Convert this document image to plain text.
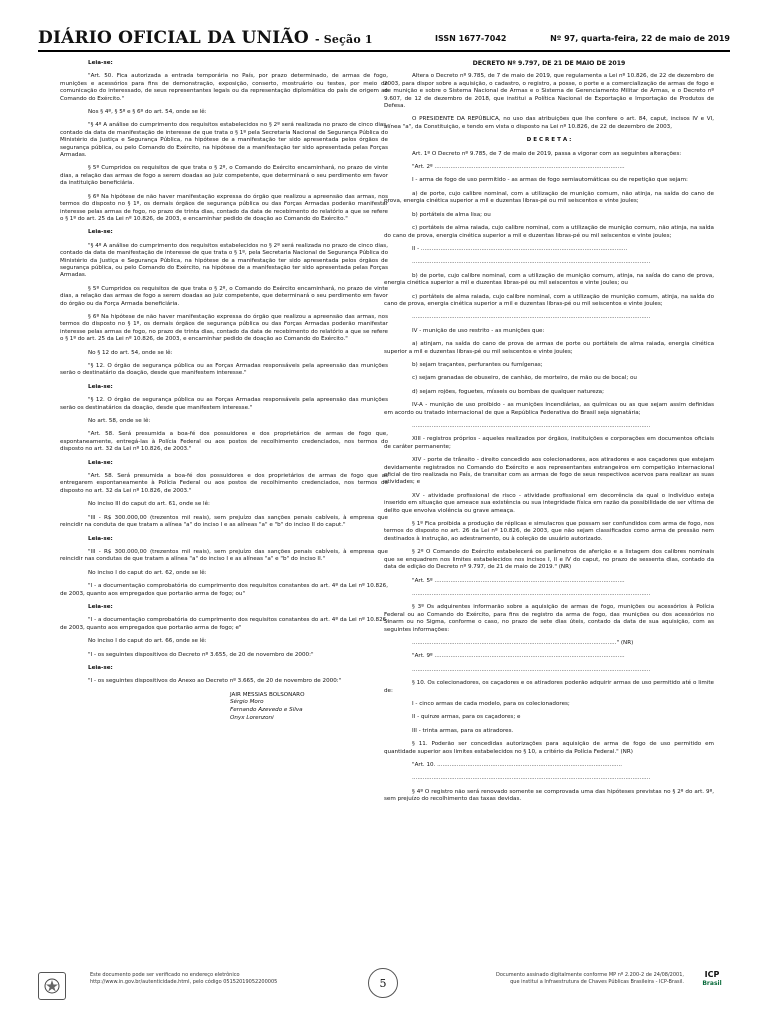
DIÁRIO OFICIAL DA UNIÃO - Seção 1	ISSN 1677-7042	Nº 97, quarta-feira, 22 de maio de 2019

Leia-se:

"Art. 50. Fica autorizada a entrada temporária no País, por prazo determinado, de armas de fogo, munições e acessórios para fins de demonstração, exposição, conserto, mostruário ou testes, por meio de comunicação do interessado, de seus representantes legais ou da representação diplomática do país de origem ao Comando do Exército."

Nos § 4º, § 5º e § 6º do art. 54, onde se lê:

"§ 4º A análise do cumprimento dos requisitos estabelecidos no § 2º será realizada no prazo de cinco dias, contado da data de manifestação de interesse de que trata o § 1º pela Secretaria Nacional de Segurança Pública do Ministério da Justiça e Segurança Pública, na hipótese de a manifestação ter sido apresentada pelos órgãos de segurança pública, ou pelo Comando do Exército, na hipótese de a manifestação ter sido apresentada pelas Forças Armadas.

§ 5º Cumpridos os requisitos de que trata o § 2º, o Comando do Exército encaminhará, no prazo de vinte dias, a relação das armas de fogo a serem doadas ao juiz competente, que determinará o seu perdimento em favor da instituição beneficiária.

§ 6º Na hipótese de não haver manifestação expressa do órgão que realizou a apreensão das armas, nos termos do disposto no § 1º, os demais órgãos de segurança pública ou das Forças Armadas poderão manifestar interesse pelas armas de fogo, no prazo de trinta dias, contado da data de recebimento do relatório a que se refere o § 1º do art. 25 da Lei nº 10.826, de 2003, e encaminhar pedido de doação ao Comando do Exército."

Leia-se:

"§ 4º A análise do cumprimento dos requisitos estabelecidos no § 2º será realizada no prazo de cinco dias, contado da data de manifestação de interesse de que trata o § 1º, pela Secretaria Nacional de Segurança Pública do Ministério da Justiça e Segurança Pública, na hipótese de a manifestação ter sido apresentada pelos órgãos de segurança pública, ou pelo Comando do Exército, na hipótese de a manifestação ter sido apresentada pelas Forças Armadas.

§ 5º Cumpridos os requisitos de que trata o § 2º, o Comando do Exército encaminhará, no prazo de vinte dias, a relação das armas de fogo a serem doadas ao juiz competente, que determinará o seu perdimento em favor do órgão ou da Força Armada beneficiária.

§ 6º Na hipótese de não haver manifestação expressa do órgão que realizou a apreensão das armas, nos termos do disposto no § 1º, os demais órgãos de segurança pública ou das Forças Armadas poderão manifestar interesse pelas armas de fogo, no prazo de trinta dias, contado da data de recebimento do relatório a que se refere o § 1º do art. 25 da Lei nº 10.826, de 2003, e encaminhar pedido de doação ao Comando do Exército."

No § 12 do art. 54, onde se lê:

"§ 12. O órgão de segurança pública ou as Forças Armadas responsáveis pela apreensão das munições serão o destinatário da doação, desde que manifestem interesse."

Leia-se:

"§ 12. O órgão de segurança pública ou as Forças Armadas responsáveis pela apreensão das munições serão os destinatários da doação, desde que manifestem interesse."

No art. 58, onde se lê:

"Art. 58. Será presumida a boa-fé dos possuidores e dos proprietários de armas de fogo que, espontaneamente, entregá-las à Polícia Federal ou aos postos de recolhimento credenciados, nos termos do disposto no art. 32 da Lei nº 10.826, de 2003."

Leia-se:

"Art. 58. Será presumida a boa-fé dos possuidores e dos proprietários de armas de fogo que as entregarem espontaneamente à Polícia Federal ou aos postos de recolhimento credenciados, nos termos do disposto no art. 32 da Lei nº 10.826, de 2003."

No inciso III do caput do art. 61, onde se lê:

"III - R$ 300.000,00 (trezentos mil reais), sem prejuízo das sanções penais cabíveis, à empresa que reincidir na conduta de que tratam a alínea "a" do inciso I e as alíneas "a" e "b" do inciso II do caput."

Leia-se:

"III - R$ 300.000,00 (trezentos mil reais), sem prejuízo das sanções penais cabíveis, à empresa que reincidir nas condutas de que tratam a alínea "a" do inciso I e as alíneas "a" e "b" do inciso II."

No inciso I do caput do art. 62, onde se lê:

"I - a documentação comprobatória do cumprimento dos requisitos constantes do art. 4º da Lei nº 10.826, de 2003, quanto aos empregados que portarão arma de fogo; ou"

Leia-se:

"I - a documentação comprobatória do cumprimento dos requisitos constantes do art. 4º da Lei nº 10.826, de 2003, quanto aos empregados que portarão arma de fogo; e"

No inciso I do caput do art. 66, onde se lê:

"I - os seguintes dispositivos do Decreto nº 3.655, de 20 de novembro de 2000:"

Leia-se:

"I - os seguintes dispositivos do Anexo ao Decreto nº 3.665, de 20 de novembro de 2000:"

JAIR MESSIAS BOLSONARO
Sérgio Moro
Fernando Azevedo e Silva
Onyx Lorenzoni
DECRETO Nº 9.797, DE 21 DE MAIO DE 2019

Altera o Decreto nº 9.785, de 7 de maio de 2019, que regulamenta a Lei nº 10.826, de 22 de dezembro de 2003, para dispor sobre a aquisição, o cadastro, o registro, a posse, o porte e a comercialização de armas de fogo e de munição e sobre o Sistema Nacional de Armas e o Sistema de Gerenciamento Militar de Armas, e o Decreto nº 9.607, de 12 de dezembro de 2018, que institui a Política Nacional de Exportação e Importação de Produtos de Defesa.

O PRESIDENTE DA REPÚBLICA, no uso das atribuições que lhe confere o art. 84, caput, incisos IV e VI, alínea "a", da Constituição, e tendo em vista o disposto na Lei nº 10.826, de 22 de dezembro de 2003,

D E C R E T A :

Art. 1º O Decreto nº 9.785, de 7 de maio de 2019, passa a vigorar com as seguintes alterações:

"Art. 2º ...........................................................................................................

I - arma de fogo de uso permitido - as armas de fogo semiautomáticas ou de repetição que sejam:

a) de porte, cujo calibre nominal, com a utilização de munição comum, não atinja, na saída do cano de prova, energia cinética superior a mil e duzentas libras-pé ou mil seiscentos e vinte joules;

b) portáteis de alma lisa; ou

c) portáteis de alma raiada, cujo calibre nominal, com a utilização de munição comum, não atinja, na saída do cano de prova, energia cinética superior a mil e duzentas libras-pé ou mil seiscentos e vinte joules;

II - ....................................................................................................................

......................................................................................................................................

b) de porte, cujo calibre nominal, com a utilização de munição comum, atinja, na saída do cano de prova, energia cinética superior a mil e duzentas libras-pé ou mil seiscentos e vinte joules; ou

c) portáteis de alma raiada, cujo calibre nominal, com a utilização de munição comum, atinja, na saída do cano de prova, energia cinética superior a mil e duzentas libras-pé ou mil seiscentos e vinte joules;

......................................................................................................................................

IV - munição de uso restrito - as munições que:

a) atinjam, na saída do cano de prova de armas de porte ou portáteis de alma raiada, energia cinética superior a mil e duzentas libras-pé ou mil seiscentos e vinte joules;

b) sejam traçantes, perfurantes ou fumígenas;

c) sejam granadas de obuseiro, de canhão, de morteiro, de mão ou de bocal; ou

d) sejam rojões, foguetes, mísseis ou bombas de qualquer natureza;

IV-A - munição de uso proibido - as munições incendiárias, as químicas ou as que sejam assim definidas em acordo ou tratado internacional de que a República Federativa do Brasil seja signatária;

......................................................................................................................................

XIII - registros próprios - aqueles realizados por órgãos, instituições e corporações em documentos oficiais de caráter permanente;

XIV - porte de trânsito - direito concedido aos colecionadores, aos atiradores e aos caçadores que estejam devidamente registrados no Comando do Exército e aos representantes estrangeiros em competição internacional oficial de tiro realizada no País, de transitar com as armas de fogo de seus respectivos acervos para realizar as suas atividades; e

XV - atividade profissional de risco - atividade profissional em decorrência da qual o indivíduo esteja inserido em situação que ameace sua existência ou sua integridade física em razão da possibilidade de ser vítima de delito que envolva violência ou grave ameaça.

§ 1º Fica proibida a produção de réplicas e simulacros que possam ser confundidos com arma de fogo, nos termos do disposto no art. 26 da Lei nº 10.826, de 2003, que não sejam classificados como arma de pressão nem destinados à instrução, ao adestramento, ou à coleção de usuário autorizado.

§ 2º O Comando do Exército estabelecerá os parâmetros de aferição e a listagem dos calibres nominais que se enquadrem nos limites estabelecidos nos incisos I, II e IV do caput, no prazo de sessenta dias, contado da data de edição do Decreto nº 9.797, de 21 de maio de 2019." (NR)

"Art. 5º ...........................................................................................................

......................................................................................................................................

§ 3º Os adquirentes informarão sobre a aquisição de armas de fogo, munições ou acessórios à Polícia Federal ou ao Comando do Exército, para fins de registro da arma de fogo, das munições ou dos acessórios no Sinarm ou no Sigma, conforme o caso, no prazo de sete dias úteis, contado da data de sua aquisição, com as seguintes informações:

..................................................................................................................." (NR)

"Art. 9º ...........................................................................................................

......................................................................................................................................

§ 10. Os colecionadores, os caçadores e os atiradores poderão adquirir armas de uso permitido até o limite de:

I - cinco armas de cada modelo, para os colecionadores;

II - quinze armas, para os caçadores; e

III - trinta armas, para os atiradores.

§ 11. Poderão ser concedidas autorizações para aquisição de arma de fogo de uso permitido em quantidade superior aos limites estabelecidos no § 10, a critério da Polícia Federal." (NR)

"Art. 10. ........................................................................................................

......................................................................................................................................

§ 4º O registro não será renovado somente se comprovada uma das hipóteses previstas no § 2º do art. 9º, sem prejuízo do recolhimento das taxas devidas.

Este documento pode ser verificado no endereço eletrônico
http://www.in.gov.br/autenticidade.html, pelo código 05152019052200005	5
Documento assinado digitalmente conforme MP nº 2.200-2 de 24/08/2001,
que institui a Infraestrutura de Chaves Públicas Brasileira - ICP-Brasil.
ICP
Brasil
